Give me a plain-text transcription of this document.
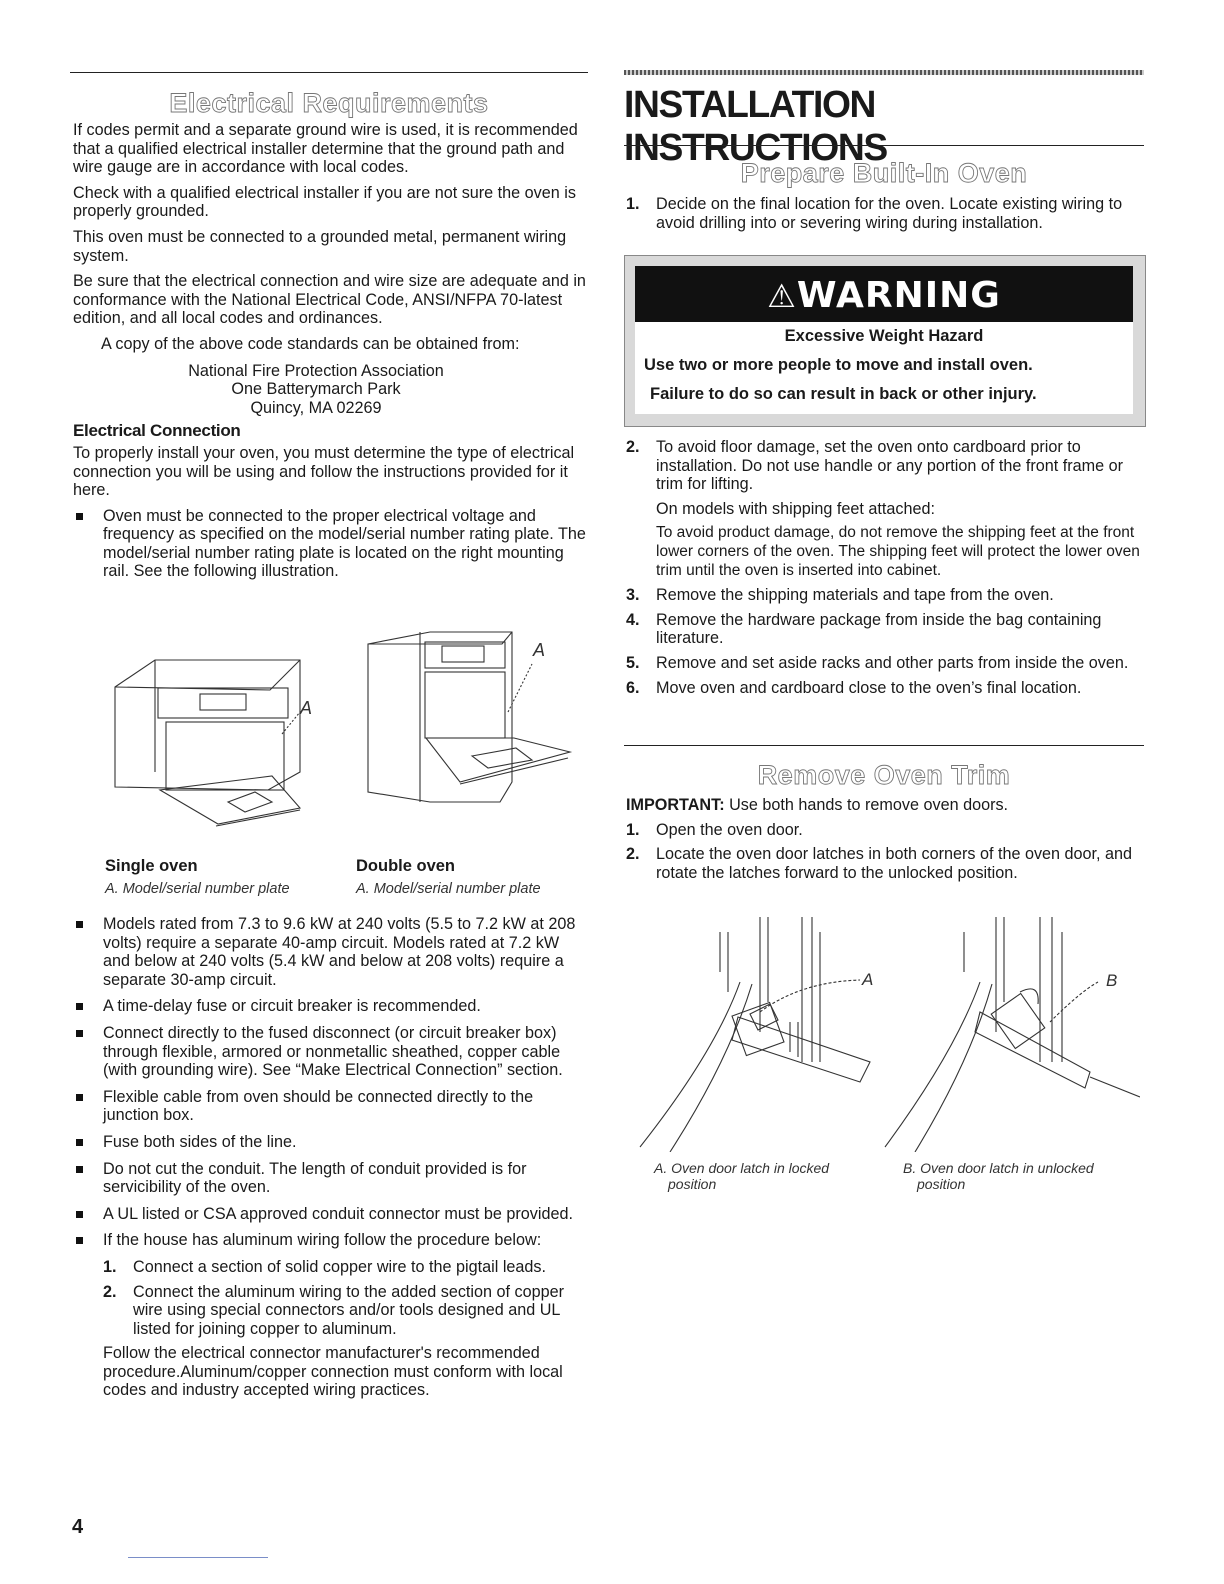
Electrical Requirements

If codes permit and a separate ground wire is used, it is recommended that a qualified electrical installer determine that the ground path and wire gauge are in accordance with local codes.

Check with a qualified electrical installer if you are not sure the oven is properly grounded.

This oven must be connected to a grounded metal, permanent wiring system.

Be sure that the electrical connection and wire size are adequate and in conformance with the National Electrical Code, ANSI/NFPA 70-latest edition, and all local codes and ordinances.

A copy of the above code standards can be obtained from:

National Fire Protection Association

One Batterymarch Park

Quincy, MA 02269

Electrical Connection

To properly install your oven, you must determine the type of electrical connection you will be using and follow the instructions provided for it here.

Oven must be connected to the proper electrical voltage and frequency as specified on the model/serial number rating plate. The model/serial number rating plate is located on the right mounting rail. See the following illustration.
A
A
Single oven
A. Model/serial number plate
Double oven
A. Model/serial number plate
Models rated from 7.3 to 9.6 kW at 240 volts (5.5 to 7.2 kW at 208 volts) require a separate 40-amp circuit. Models rated at 7.2 kW and below at 240 volts (5.4 kW and below at 208 volts) require a separate 30-amp circuit.
A time-delay fuse or circuit breaker is recommended.
Connect directly to the fused disconnect (or circuit breaker box) through flexible, armored or nonmetallic sheathed, copper cable (with grounding wire). See “Make Electrical Connection” section.
Flexible cable from oven should be connected directly to the junction box.
Fuse both sides of the line.
Do not cut the conduit. The length of conduit provided is for servicibility of the oven.
A UL listed or CSA approved conduit connector must be provided.
If the house has aluminum wiring follow the procedure below:
1. Connect a section of solid copper wire to the pigtail leads.
2. Connect the aluminum wiring to the added section of copper wire using special connectors and/or tools designed and UL listed for joining copper to aluminum.

Follow the electrical connector manufacturer's recommended procedure.Aluminum/copper connection must conform with local codes and industry accepted wiring practices.

4
INSTALLATION INSTRUCTIONS
Prepare Built-In Oven
1. Decide on the final location for the oven. Locate existing wiring to avoid drilling into or severing wiring during installation.
⚠WARNING
Excessive Weight Hazard
Use two or more people to move and install oven.
Failure to do so can result in back or other injury.
2. To avoid floor damage, set the oven onto cardboard prior to installation. Do not use handle or any portion of the front frame or trim for lifting.

On models with shipping feet attached:

To avoid product damage, do not remove the shipping feet at the front lower corners of the oven. The shipping feet will protect the lower oven trim until the oven is inserted into cabinet.

3. Remove the shipping materials and tape from the oven.
4. Remove the hardware package from inside the bag containing literature.
5. Remove and set aside racks and other parts from inside the oven.
6. Move oven and cardboard close to the oven’s final location.
Remove Oven Trim

IMPORTANT: Use both hands to remove oven doors.

1. Open the oven door.
2. Locate the oven door latches in both corners of the oven door, and rotate the latches forward to the unlocked position.
A	B
A. Oven door latch in locked
position
B. Oven door latch in unlocked
position
